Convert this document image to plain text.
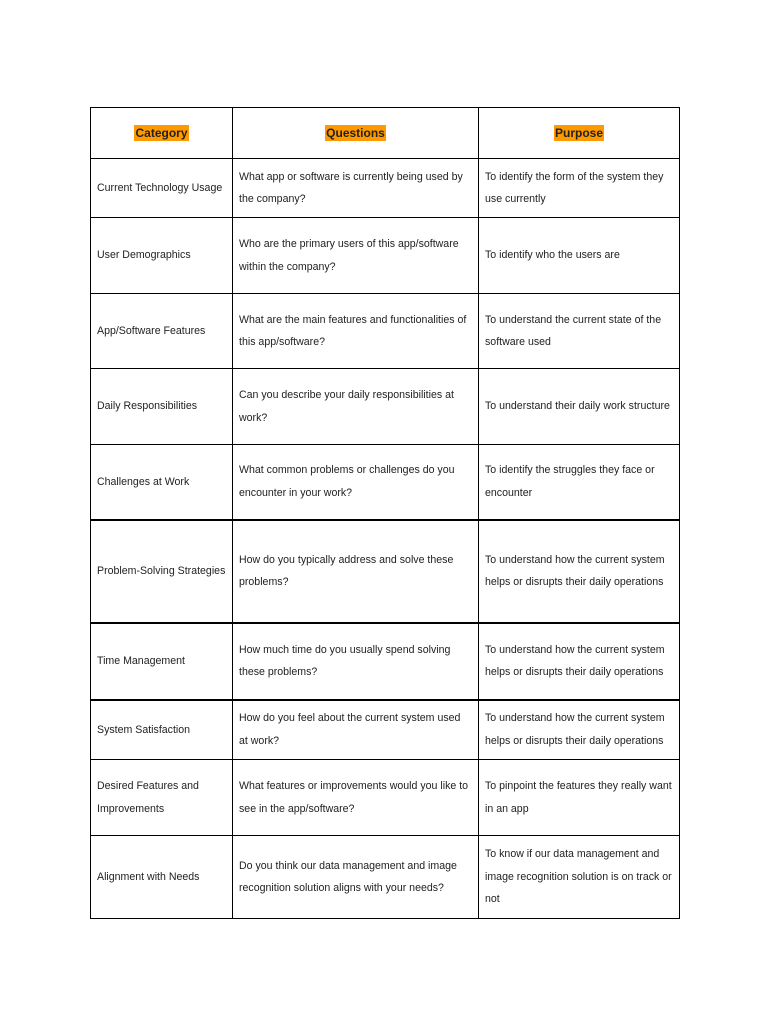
Category	Questions	Purpose
Current Technology Usage	What app or software is currently being used by the company?	To identify the form of the system they use currently
User Demographics	Who are the primary users of this app/software within the company?	To identify who the users are
App/Software Features	What are the main features and functionalities of this app/software?	To understand the current state of the software used
Daily Responsibilities	Can you describe your daily responsibilities at work?	To understand their daily work structure
Challenges at Work	What common problems or challenges do you encounter in your work?	To identify the struggles they face or encounter
Problem-Solving Strategies	How do you typically address and solve these problems?	To understand how the current system helps or disrupts their daily operations
Time Management	How much time do you usually spend solving these problems?	To understand how the current system helps or disrupts their daily operations
System Satisfaction	How do you feel about the current system used at work?	To understand how the current system helps or disrupts their daily operations
Desired Features and Improvements	What features or improvements would you like to see in the app/software?	To pinpoint the features they really want in an app
Alignment with Needs	Do you think our data management and image recognition solution aligns with your needs?	To know if our data management and image recognition solution is on track or not
